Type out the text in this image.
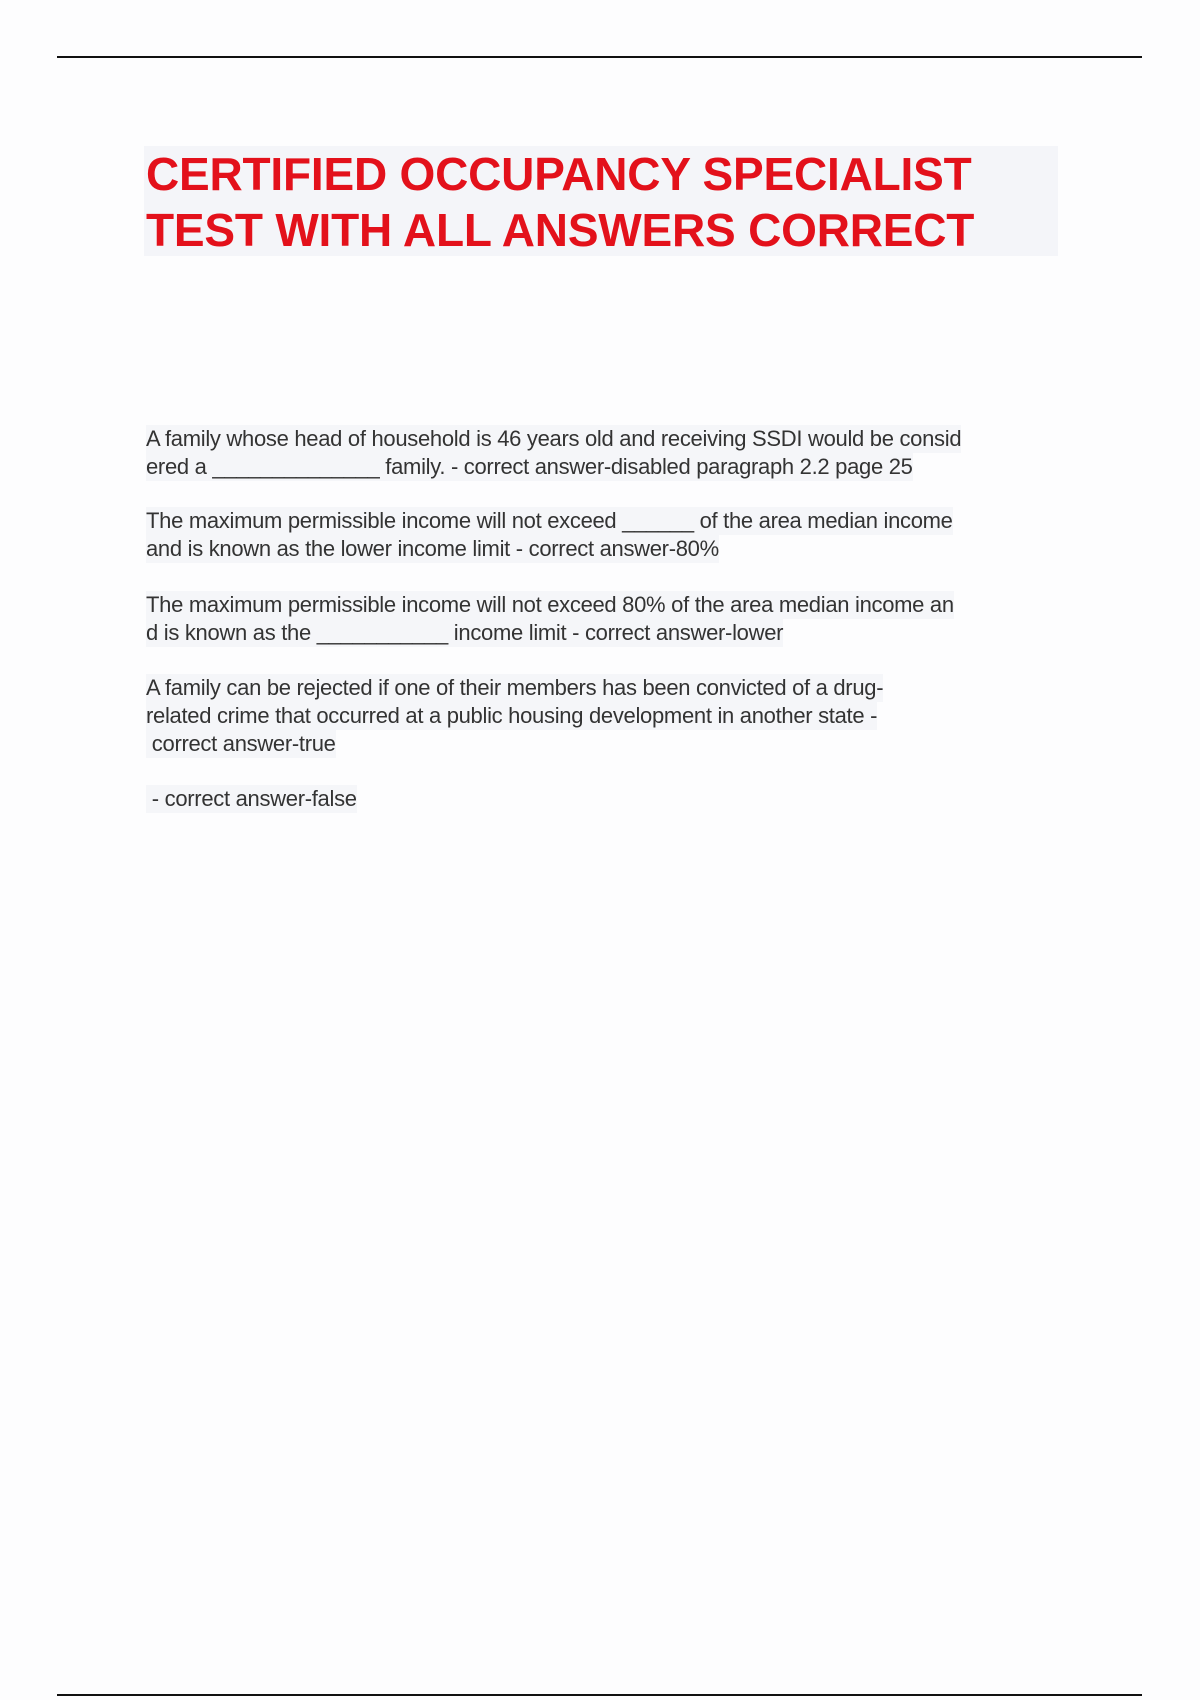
CERTIFIED OCCUPANCY SPECIALIST
TEST WITH ALL ANSWERS CORRECT
A family whose head of household is 46 years old and receiving SSDI would be consid
ered a ______________ family. - correct answer-disabled paragraph 2.2 page 25
The maximum permissible income will not exceed ______ of the area median income
and is known as the lower income limit - correct answer-80%
The maximum permissible income will not exceed 80% of the area median income an
d is known as the ___________ income limit - correct answer-lower
A family can be rejected if one of their members has been convicted of a drug-
related crime that occurred at a public housing development in another state -
correct answer-true
- correct answer-false
